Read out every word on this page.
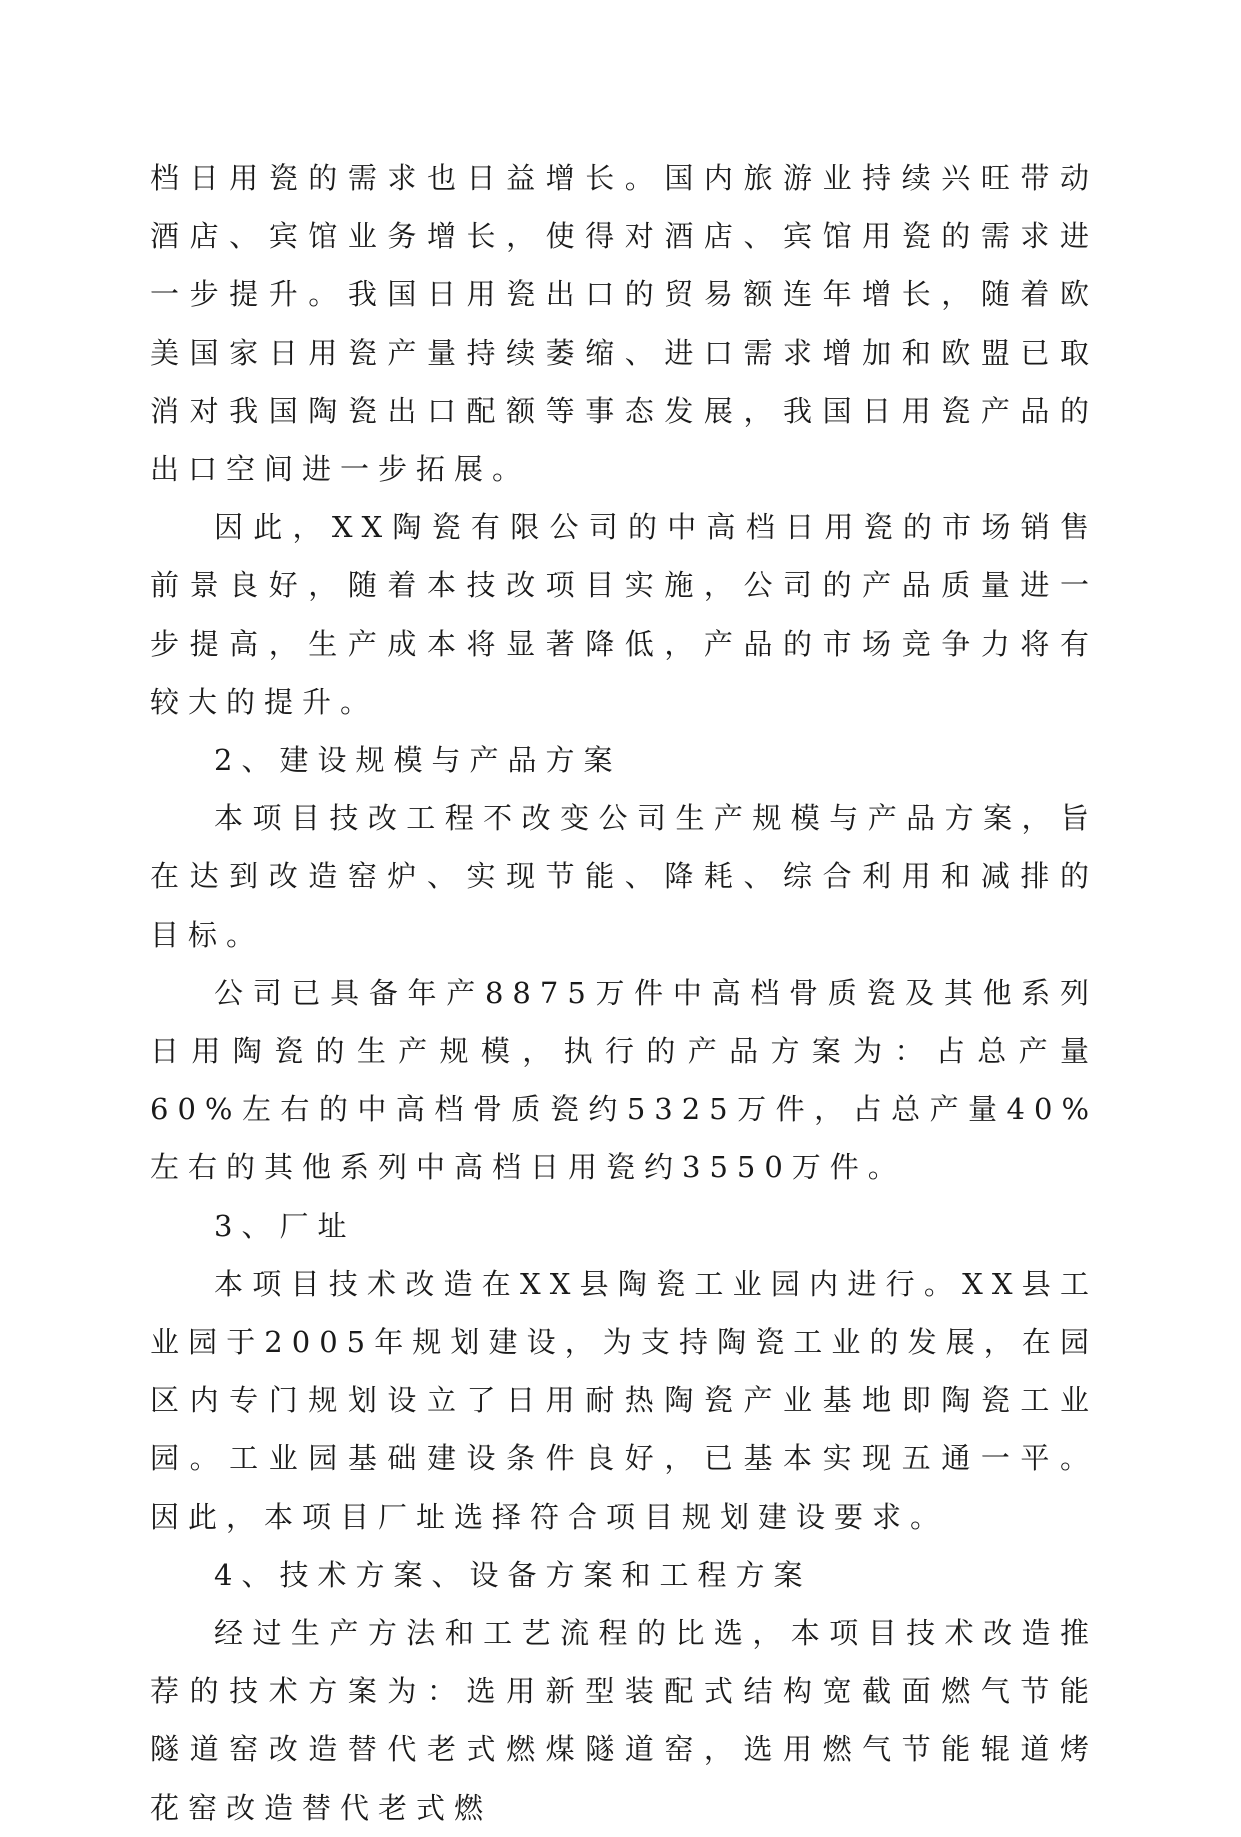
档日用瓷的需求也日益增长。国内旅游业持续兴旺带动酒店、宾馆业务增长，使得对酒店、宾馆用瓷的需求进一步提升。我国日用瓷出口的贸易额连年增长，随着欧美国家日用瓷产量持续萎缩、进口需求增加和欧盟已取消对我国陶瓷出口配额等事态发展，我国日用瓷产品的出口空间进一步拓展。

因此，XX陶瓷有限公司的中高档日用瓷的市场销售前景良好，随着本技改项目实施，公司的产品质量进一步提高，生产成本将显著降低，产品的市场竞争力将有较大的提升。

2、建设规模与产品方案

本项目技改工程不改变公司生产规模与产品方案，旨在达到改造窑炉、实现节能、降耗、综合利用和减排的目标。

公司已具备年产8875万件中高档骨质瓷及其他系列日用陶瓷的生产规模，执行的产品方案为：占总产量60%左右的中高档骨质瓷约5325万件，占总产量40%左右的其他系列中高档日用瓷约3550万件。

3、厂址

本项目技术改造在XX县陶瓷工业园内进行。XX县工业园于2005年规划建设，为支持陶瓷工业的发展，在园区内专门规划设立了日用耐热陶瓷产业基地即陶瓷工业园。工业园基础建设条件良好，已基本实现五通一平。因此，本项目厂址选择符合项目规划建设要求。

4、技术方案、设备方案和工程方案

经过生产方法和工艺流程的比选，本项目技术改造推荐的技术方案为：选用新型装配式结构宽截面燃气节能隧道窑改造替代老式燃煤隧道窑，选用燃气节能辊道烤花窑改造替代老式燃
